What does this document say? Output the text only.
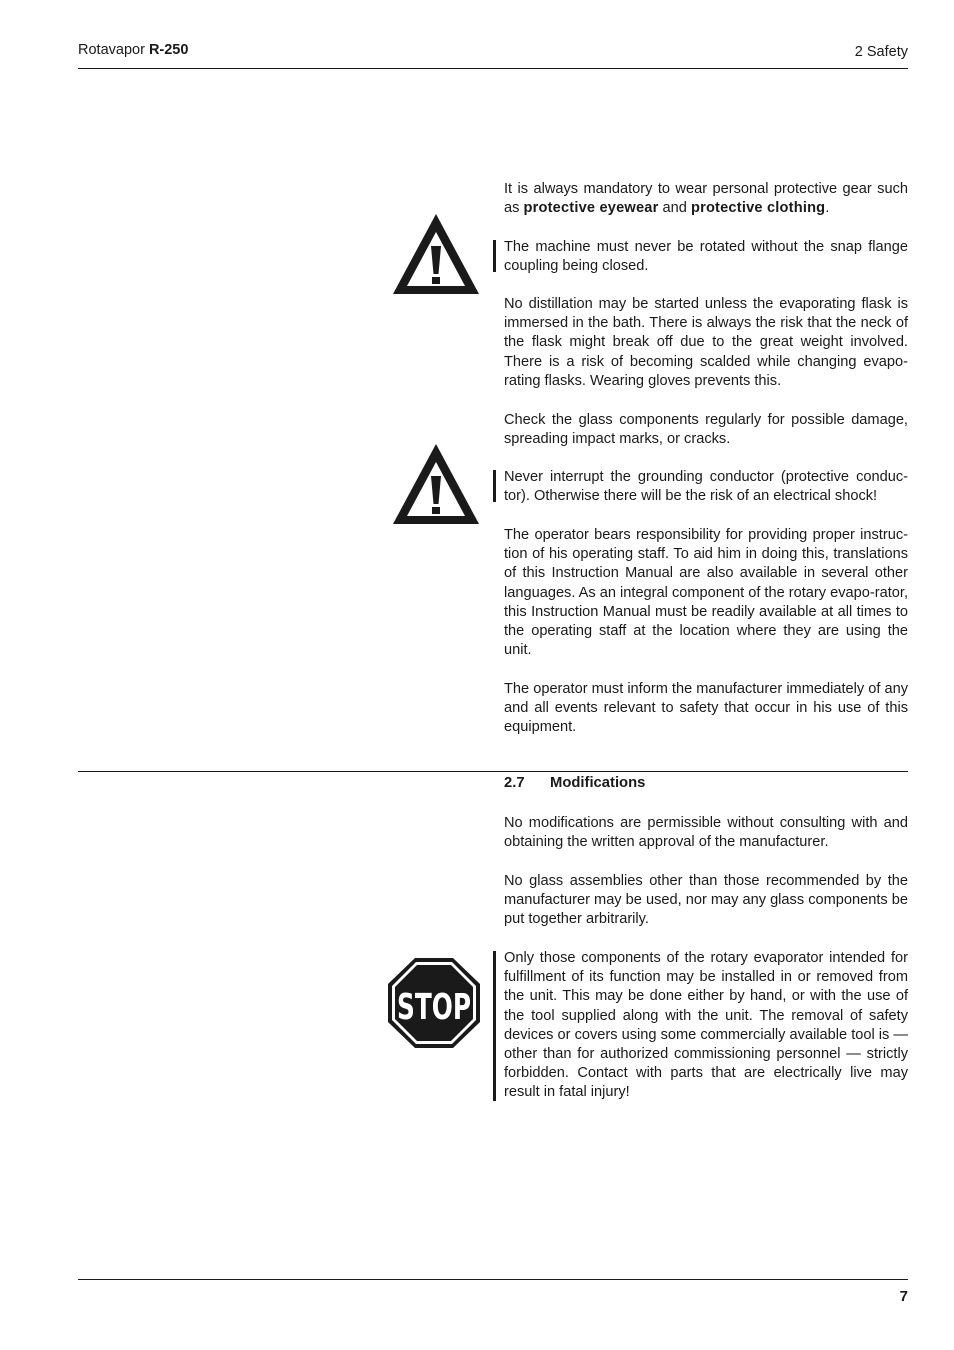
Rotavapor R-250	2 Safety

It is always mandatory to wear personal protective gear such as protective eyewear and protective clothing.

The machine must never be rotated without the snap flange coupling being closed.

No distillation may be started unless the evaporating flask is immersed in the bath. There is always the risk that the neck of the flask might break off due to the great weight involved. There is a risk of becoming scalded while changing evapo-rating flasks. Wearing gloves prevents this.

Check the glass components regularly for possible damage, spreading impact marks, or cracks.

Never interrupt the grounding conductor (protective conduc-tor). Otherwise there will be the risk of an electrical shock!

The operator bears responsibility for providing proper instruc-tion of his operating staff. To aid him in doing this, translations of this Instruction Manual are also available in several other languages. As an integral component of the rotary evapo-rator, this Instruction Manual must be readily available at all times to the operating staff at the location where they are using the unit.

The operator must inform the manufacturer immediately of any and all events relevant to safety that occur in his use of this equipment.

2.7 Modifications

No modifications are permissible without consulting with and obtaining the written approval of the manufacturer.

No glass assemblies other than those recommended by the manufacturer may be used, nor may any glass components be put together arbitrarily.

STOP

Only those components of the rotary evaporator intended for fulfillment of its function may be installed in or removed from the unit. This may be done either by hand, or with the use of the tool supplied along with the unit. The removal of safety devices or covers using some commercially available tool is — other than for authorized commissioning personnel — strictly forbidden. Contact with parts that are electrically live may result in fatal injury!

7
